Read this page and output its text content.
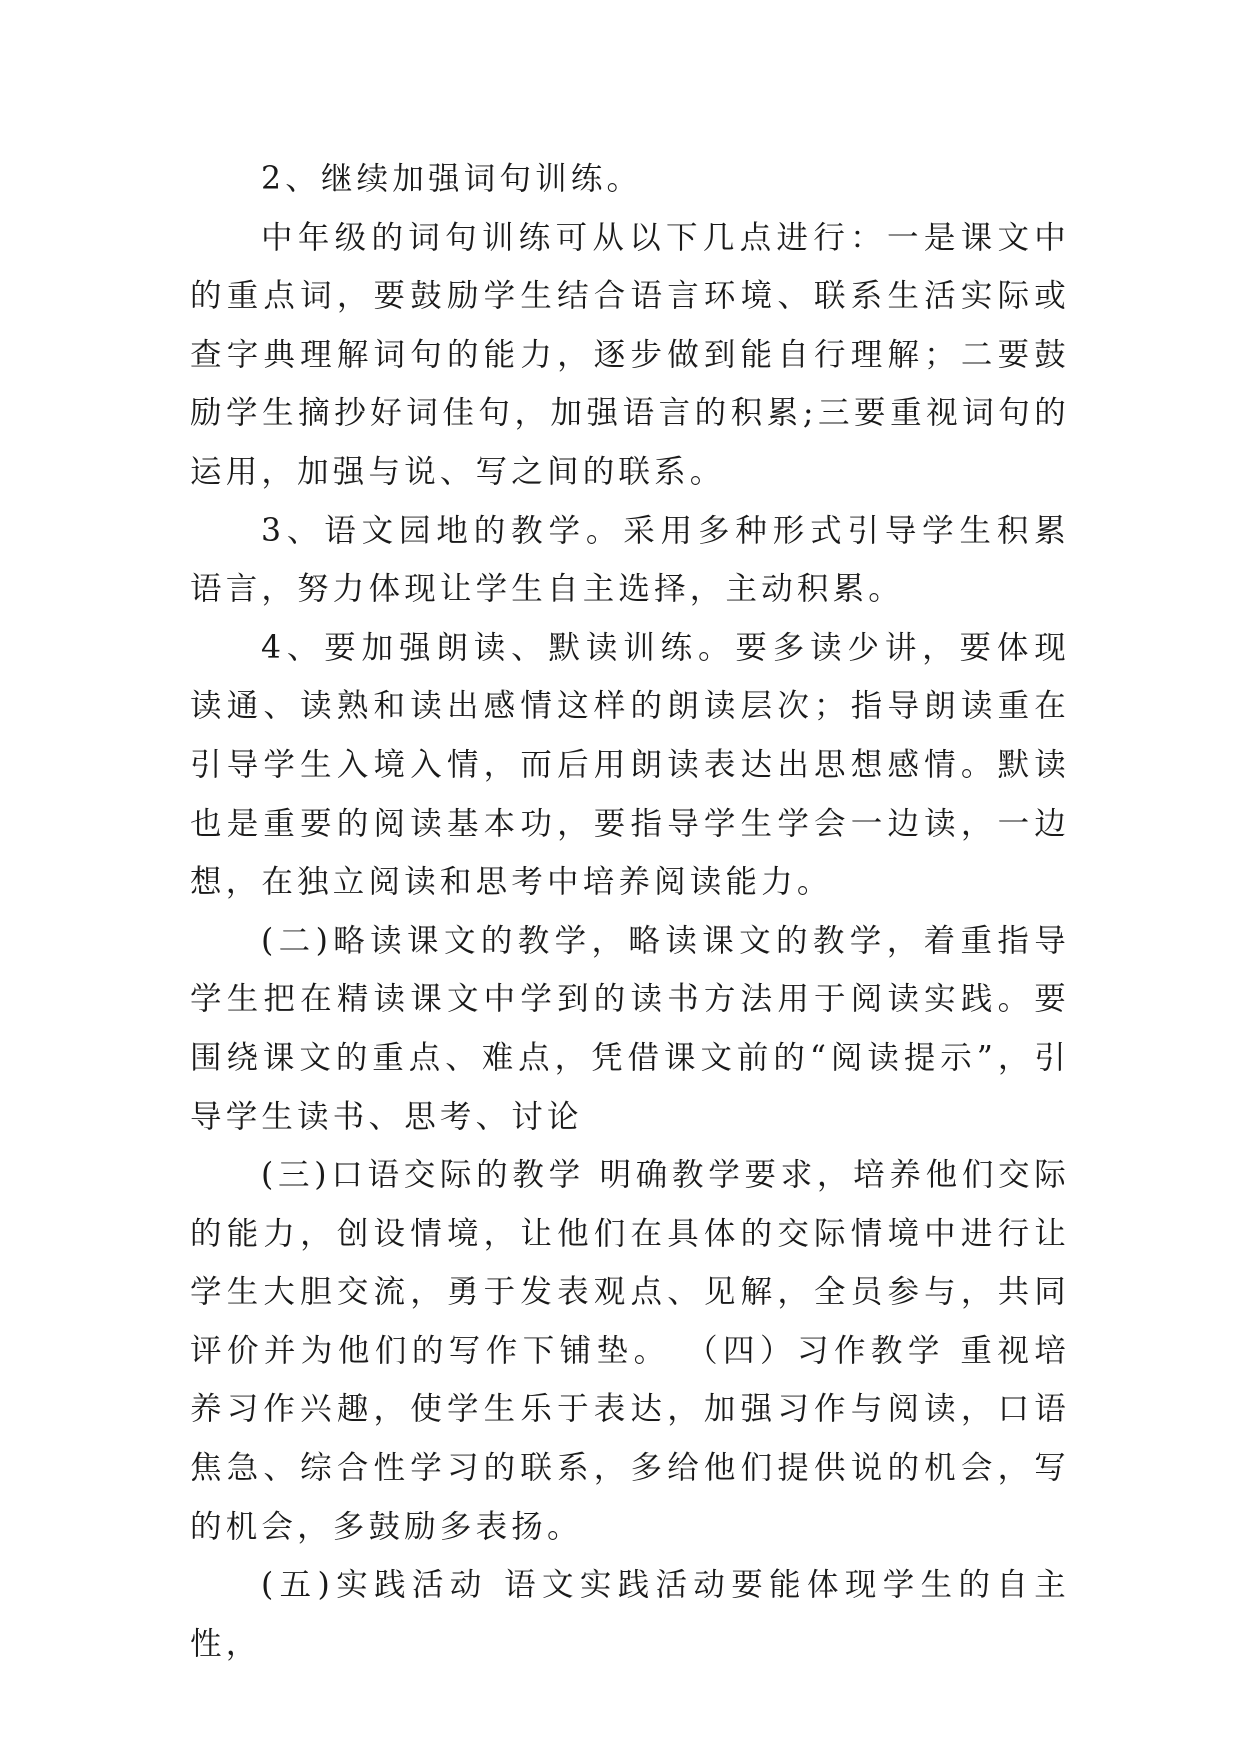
2、继续加强词句训练。

中年级的词句训练可从以下几点进行：一是课文中的重点词，要鼓励学生结合语言环境、联系生活实际或查字典理解词句的能力，逐步做到能自行理解；二要鼓励学生摘抄好词佳句，加强语言的积累;三要重视词句的运用，加强与说、写之间的联系。

3、语文园地的教学。采用多种形式引导学生积累语言，努力体现让学生自主选择，主动积累。

4、要加强朗读、默读训练。要多读少讲，要体现读通、读熟和读出感情这样的朗读层次；指导朗读重在引导学生入境入情，而后用朗读表达出思想感情。默读也是重要的阅读基本功，要指导学生学会一边读，一边想，在独立阅读和思考中培养阅读能力。

(二)略读课文的教学，略读课文的教学，着重指导学生把在精读课文中学到的读书方法用于阅读实践。要围绕课文的重点、难点，凭借课文前的“阅读提示”，引导学生读书、思考、讨论

(三)口语交际的教学 明确教学要求，培养他们交际的能力，创设情境，让他们在具体的交际情境中进行让学生大胆交流，勇于发表观点、见解，全员参与，共同评价并为他们的写作下铺垫。 （四）习作教学 重视培养习作兴趣，使学生乐于表达，加强习作与阅读，口语焦急、综合性学习的联系，多给他们提供说的机会，写的机会，多鼓励多表扬。

(五)实践活动 语文实践活动要能体现学生的自主性，
